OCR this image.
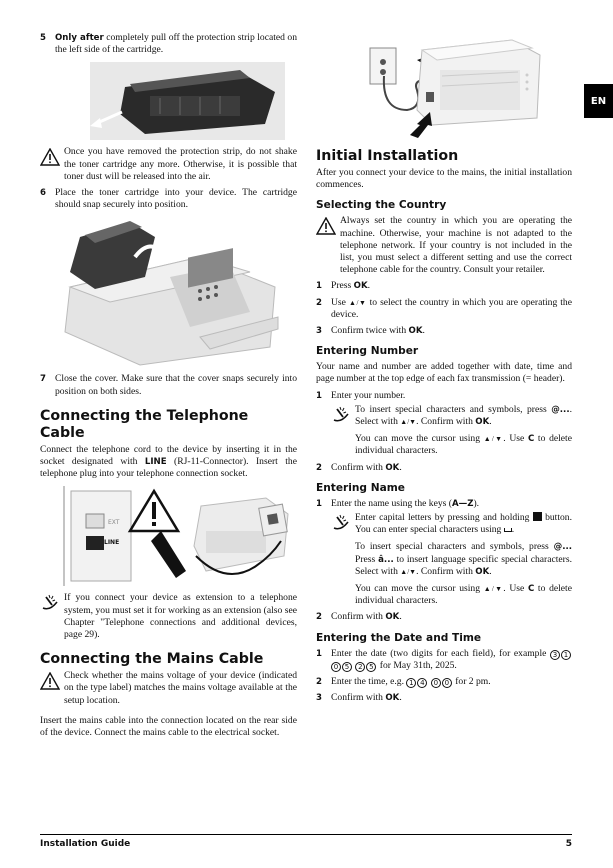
5	Only after completely pull off the protection strip located on the left side of the cartridge.

Once you have removed the protection strip, do not shake the toner cartridge any more. Otherwise, it is possible that toner dust will be released into the air.

6 Place the toner cartridge into your device. The cartridge should snap securely into position.

7 Close the cover. Make sure that the cover snaps securely into position on both sides.

Connecting the Telephone Cable

Connect the telephone cord to the device by inserting it in the socket designated with LINE (RJ-11-Connector). Insert the telephone plug into your telephone connection socket.

EXT
LINE

If you connect your device as extension to a telephone system, you must set it for working as an extension (also see Chapter "Telephone connections and additional devices, page 29).

Connecting the Mains Cable

Check whether the mains voltage of your device (indicated on the type label) matches the mains voltage available at the setup location.

Insert the mains cable into the connection located on the rear side of the device. Connect the mains cable to the electrical socket.

Initial Installation

After you connect your device to the mains, the initial installation commences.

Selecting the Country

Always set the country in which you are operating the machine. Otherwise, your machine is not adapted to the telephone network. If your country is not included in the list, you must select a different setting and use the correct telephone cable for the country. Consult your retailer.

1 Press OK.

2 Use ▲/▼ to select the country in which you are operating the device.

3 Confirm twice with OK.

Entering Number

Your name and number are added together with date, time and page number at the top edge of each fax transmission (= header).

1 Enter your number.

To insert special characters and symbols, press @.... Select with ▲/▼. Confirm with OK.

You can move the cursor using ▲/▼. Use C to delete individual characters.

2 Confirm with OK.

Entering Name
1 Enter the name using the keys (A—Z).

Enter capital letters by pressing and holding  button. You can enter special characters using .

To insert special characters and symbols, press @... Press â... to insert language specific special characters. Select with ▲/▼. Confirm with OK.

You can move the cursor using ▲/▼. Use C to delete individual characters.

2 Confirm with OK.

Entering the Date and Time
1 Enter the date (two digits for each field), for example 3 1 0 5 2 5 for May 31th, 2025.

2 Enter the time, e.g. 1 4 0 0 for 2 pm.

3 Confirm with OK.

EN
Installation Guide	5
